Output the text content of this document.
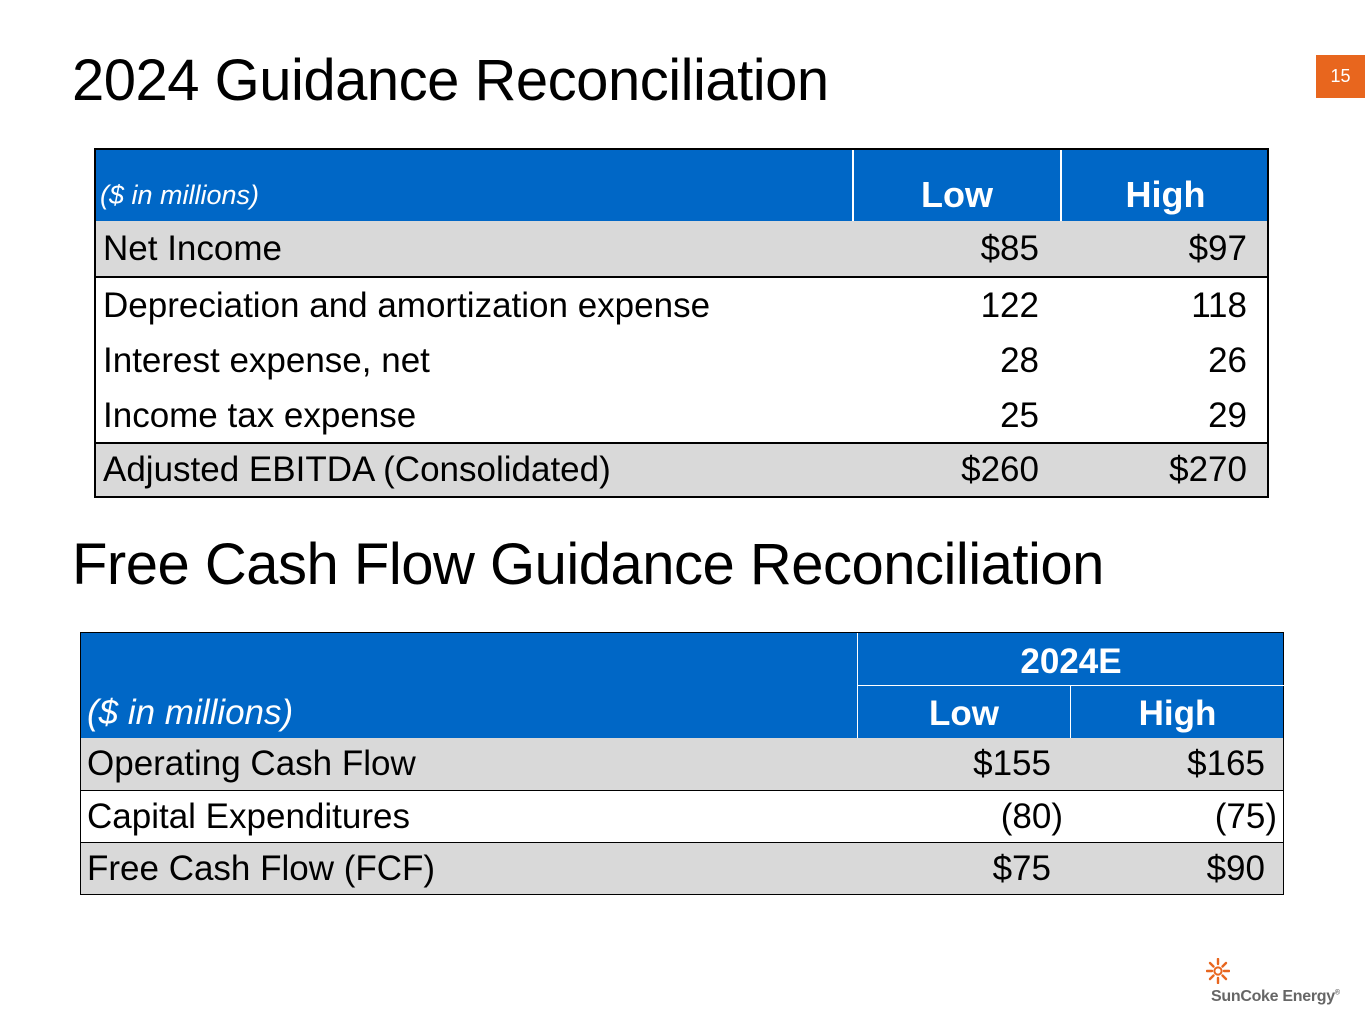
2024 Guidance Reconciliation	15
($ in millions)	Low	High
Net Income	$85	$97
Depreciation and amortization expense	122	118
Interest expense, net	28	26
Income tax expense	25	29
Adjusted EBITDA (Consolidated)	$260	$270
Free Cash Flow Guidance Reconciliation
($ in millions)
2024E
Low	High
Operating Cash Flow	$155	$165
Capital Expenditures	(80)	(75)
Free Cash Flow (FCF)	$75	$90
SunCoke Energy®
